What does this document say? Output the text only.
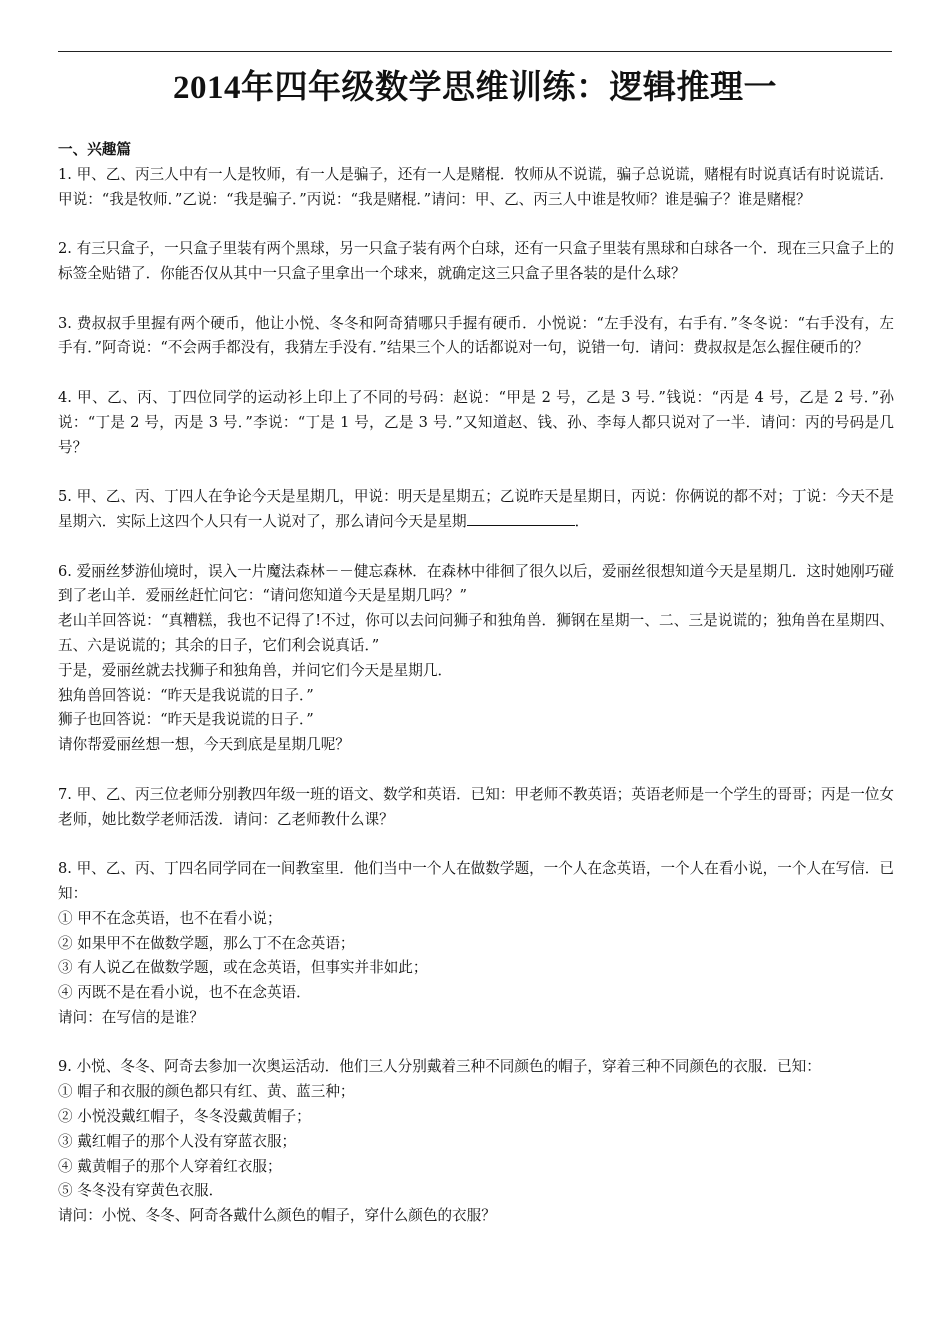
2014年四年级数学思维训练：逻辑推理一
一、兴趣篇
1. 甲、乙、丙三人中有一人是牧师，有一人是骗子，还有一人是赌棍．牧师从不说谎，骗子总说谎，赌棍有时说真话有时说谎话．甲说：“我是牧师．”乙说：“我是骗子．”丙说：“我是赌棍．”请问：甲、乙、丙三人中谁是牧师？谁是骗子？谁是赌棍？
2. 有三只盒子，一只盒子里装有两个黑球，另一只盒子装有两个白球，还有一只盒子里装有黑球和白球各一个．现在三只盒子上的标签全贴错了．你能否仅从其中一只盒子里拿出一个球来，就确定这三只盒子里各装的是什么球？
3. 费叔叔手里握有两个硬币，他让小悦、冬冬和阿奇猜哪只手握有硬币．小悦说：“左手没有，右手有．”冬冬说：“右手没有，左手有．”阿奇说：“不会两手都没有，我猜左手没有．”结果三个人的话都说对一句，说错一句．请问：费叔叔是怎么握住硬币的？
4. 甲、乙、丙、丁四位同学的运动衫上印上了不同的号码：赵说：“甲是 2 号，乙是 3 号．”钱说：“丙是 4 号，乙是 2 号．”孙说：“丁是 2 号，丙是 3 号．”李说：“丁是 1 号，乙是 3 号．”又知道赵、钱、孙、李每人都只说对了一半．请问：丙的号码是几号？
5. 甲、乙、丙、丁四人在争论今天是星期几，甲说：明天是星期五；乙说昨天是星期日，丙说：你俩说的都不对；丁说：今天不是星期六．实际上这四个人只有一人说对了，那么请问今天是星期	．
6. 爱丽丝梦游仙境时，误入一片魔法森林－－健忘森林．在森林中徘徊了很久以后，爱丽丝很想知道今天是星期几．这时她刚巧碰到了老山羊．爱丽丝赶忙问它：“请问您知道今天是星期几吗？”
老山羊回答说：“真糟糕，我也不记得了!不过，你可以去问问狮子和独角兽．狮钢在星期一、二、三是说谎的；独角兽在星期四、五、六是说谎的；其余的日子，它们利会说真话．”
于是，爱丽丝就去找狮子和独角兽，并问它们今天是星期几．
独角兽回答说：“昨天是我说谎的日子．”
狮子也回答说：“昨天是我说谎的日子．”
请你帮爱丽丝想一想，今天到底是星期几呢？
7. 甲、乙、丙三位老师分别教四年级一班的语文、数学和英语．已知：甲老师不教英语；英语老师是一个学生的哥哥；丙是一位女老师，她比数学老师活泼．请问：乙老师教什么课？
8. 甲、乙、丙、丁四名同学同在一间教室里．他们当中一个人在做数学题，一个人在念英语，一个人在看小说，一个人在写信．已知：
① 甲不在念英语，也不在看小说；
② 如果甲不在做数学题，那么丁不在念英语；
③ 有人说乙在做数学题，或在念英语，但事实并非如此；
④ 丙既不是在看小说，也不在念英语．
请问：在写信的是谁？
9. 小悦、冬冬、阿奇去参加一次奥运活动．他们三人分别戴着三种不同颜色的帽子，穿着三种不同颜色的衣服．已知：
① 帽子和衣服的颜色都只有红、黄、蓝三种；
② 小悦没戴红帽子，冬冬没戴黄帽子；
③ 戴红帽子的那个人没有穿蓝衣服；
④ 戴黄帽子的那个人穿着红衣服；
⑤ 冬冬没有穿黄色衣服．
请问：小悦、冬冬、阿奇各戴什么颜色的帽子，穿什么颜色的衣服？
